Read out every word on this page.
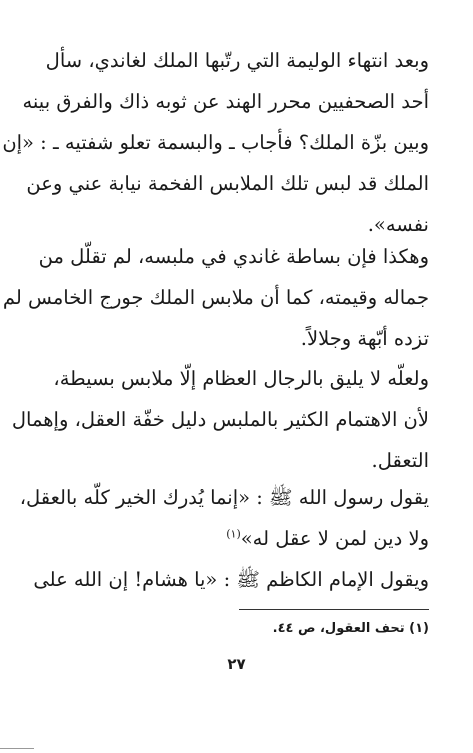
وبعد انتهاء الوليمة التي رتّبها الملك لغاندي، سأل
أحد الصحفيين محرر الهند عن ثوبه ذاك والفرق بينه
وبين بزّة الملك؟ فأجاب ـ والبسمة تعلو شفتيه ـ : «إن
الملك قد لبس تلك الملابس الفخمة نيابة عني وعن
نفسه».
وهكذا فإن بساطة غاندي في ملبسه، لم تقلّل من
جماله وقيمته، كما أن ملابس الملك جورج الخامس لم
تزده أبّهة وجلالاً.
ولعلّه لا يليق بالرجال العظام إلّا ملابس بسيطة،
لأن الاهتمام الكثير بالملبس دليل خفّة العقل، وإهمال
التعقل.
يقول رسول الله ﷺ : «إنما يُدرك الخير كلّه بالعقل،
ولا دين لمن لا عقل له»$^{(١)}$
ويقول الإمام الكاظم ﷺ : «يا هشام! إن الله على
(١) تحف العقول، ص ٤٤.
٢٧
